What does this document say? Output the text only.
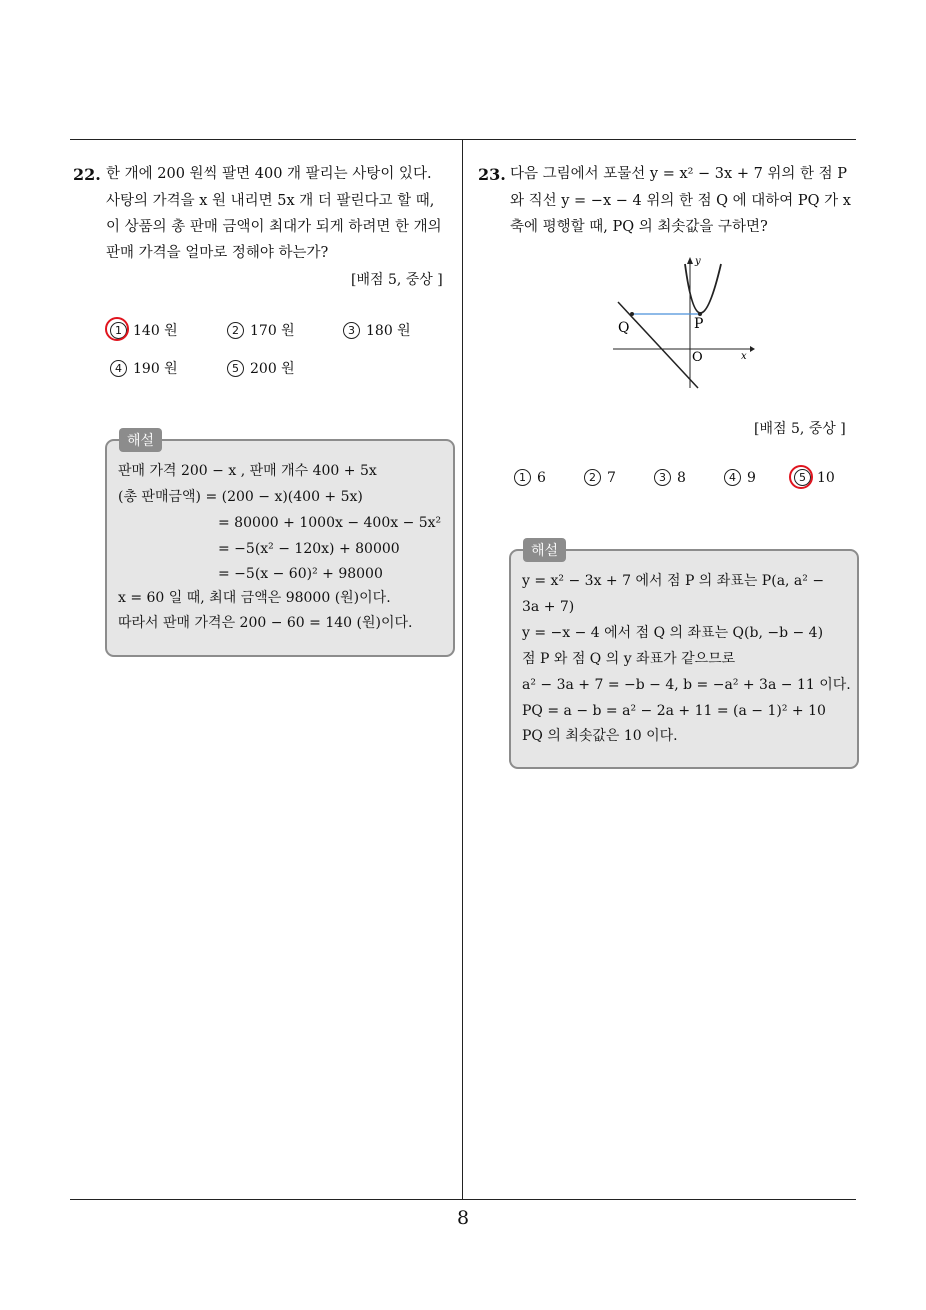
22. 한 개에 200 원씩 팔면 400 개 팔리는 사탕이 있다.
사탕의 가격을 x 원 내리면 5x 개 더 팔린다고 할 때,
이 상품의 총 판매 금액이 최대가 되게 하려면 한 개의
판매 가격을 얼마로 정해야 하는가?
[배점 5, 중상 ]
1 140 원	2 170 원	3 180 원
4 190 원	5 200 원
해설
판매 가격 200 − x , 판매 개수 400 + 5x
(총 판매금액) = (200 − x)(400 + 5x)
= 80000 + 1000x − 400x − 5x²
= −5(x² − 120x) + 80000
= −5(x − 60)² + 98000
x = 60 일 때, 최대 금액은 98000 (원)이다.
따라서 판매 가격은 200 − 60 = 140 (원)이다.
23. 다음 그림에서 포물선 y = x² − 3x + 7 위의 한 점 P
와 직선 y = −x − 4 위의 한 점 Q 에 대하여 PQ 가 x
축에 평행할 때, PQ 의 최솟값을 구하면?
y
x
O
P
Q
[배점 5, 중상 ]
1 6	2 7	3 8	4 9	5 10
해설
y = x² − 3x + 7 에서 점 P 의 좌표는 P(a, a² −
3a + 7)
y = −x − 4 에서 점 Q 의 좌표는 Q(b, −b − 4)
점 P 와 점 Q 의 y 좌표가 같으므로
a² − 3a + 7 = −b − 4, b = −a² + 3a − 11 이다.
PQ = a − b = a² − 2a + 11 = (a − 1)² + 10
PQ 의 최솟값은 10 이다.
8
